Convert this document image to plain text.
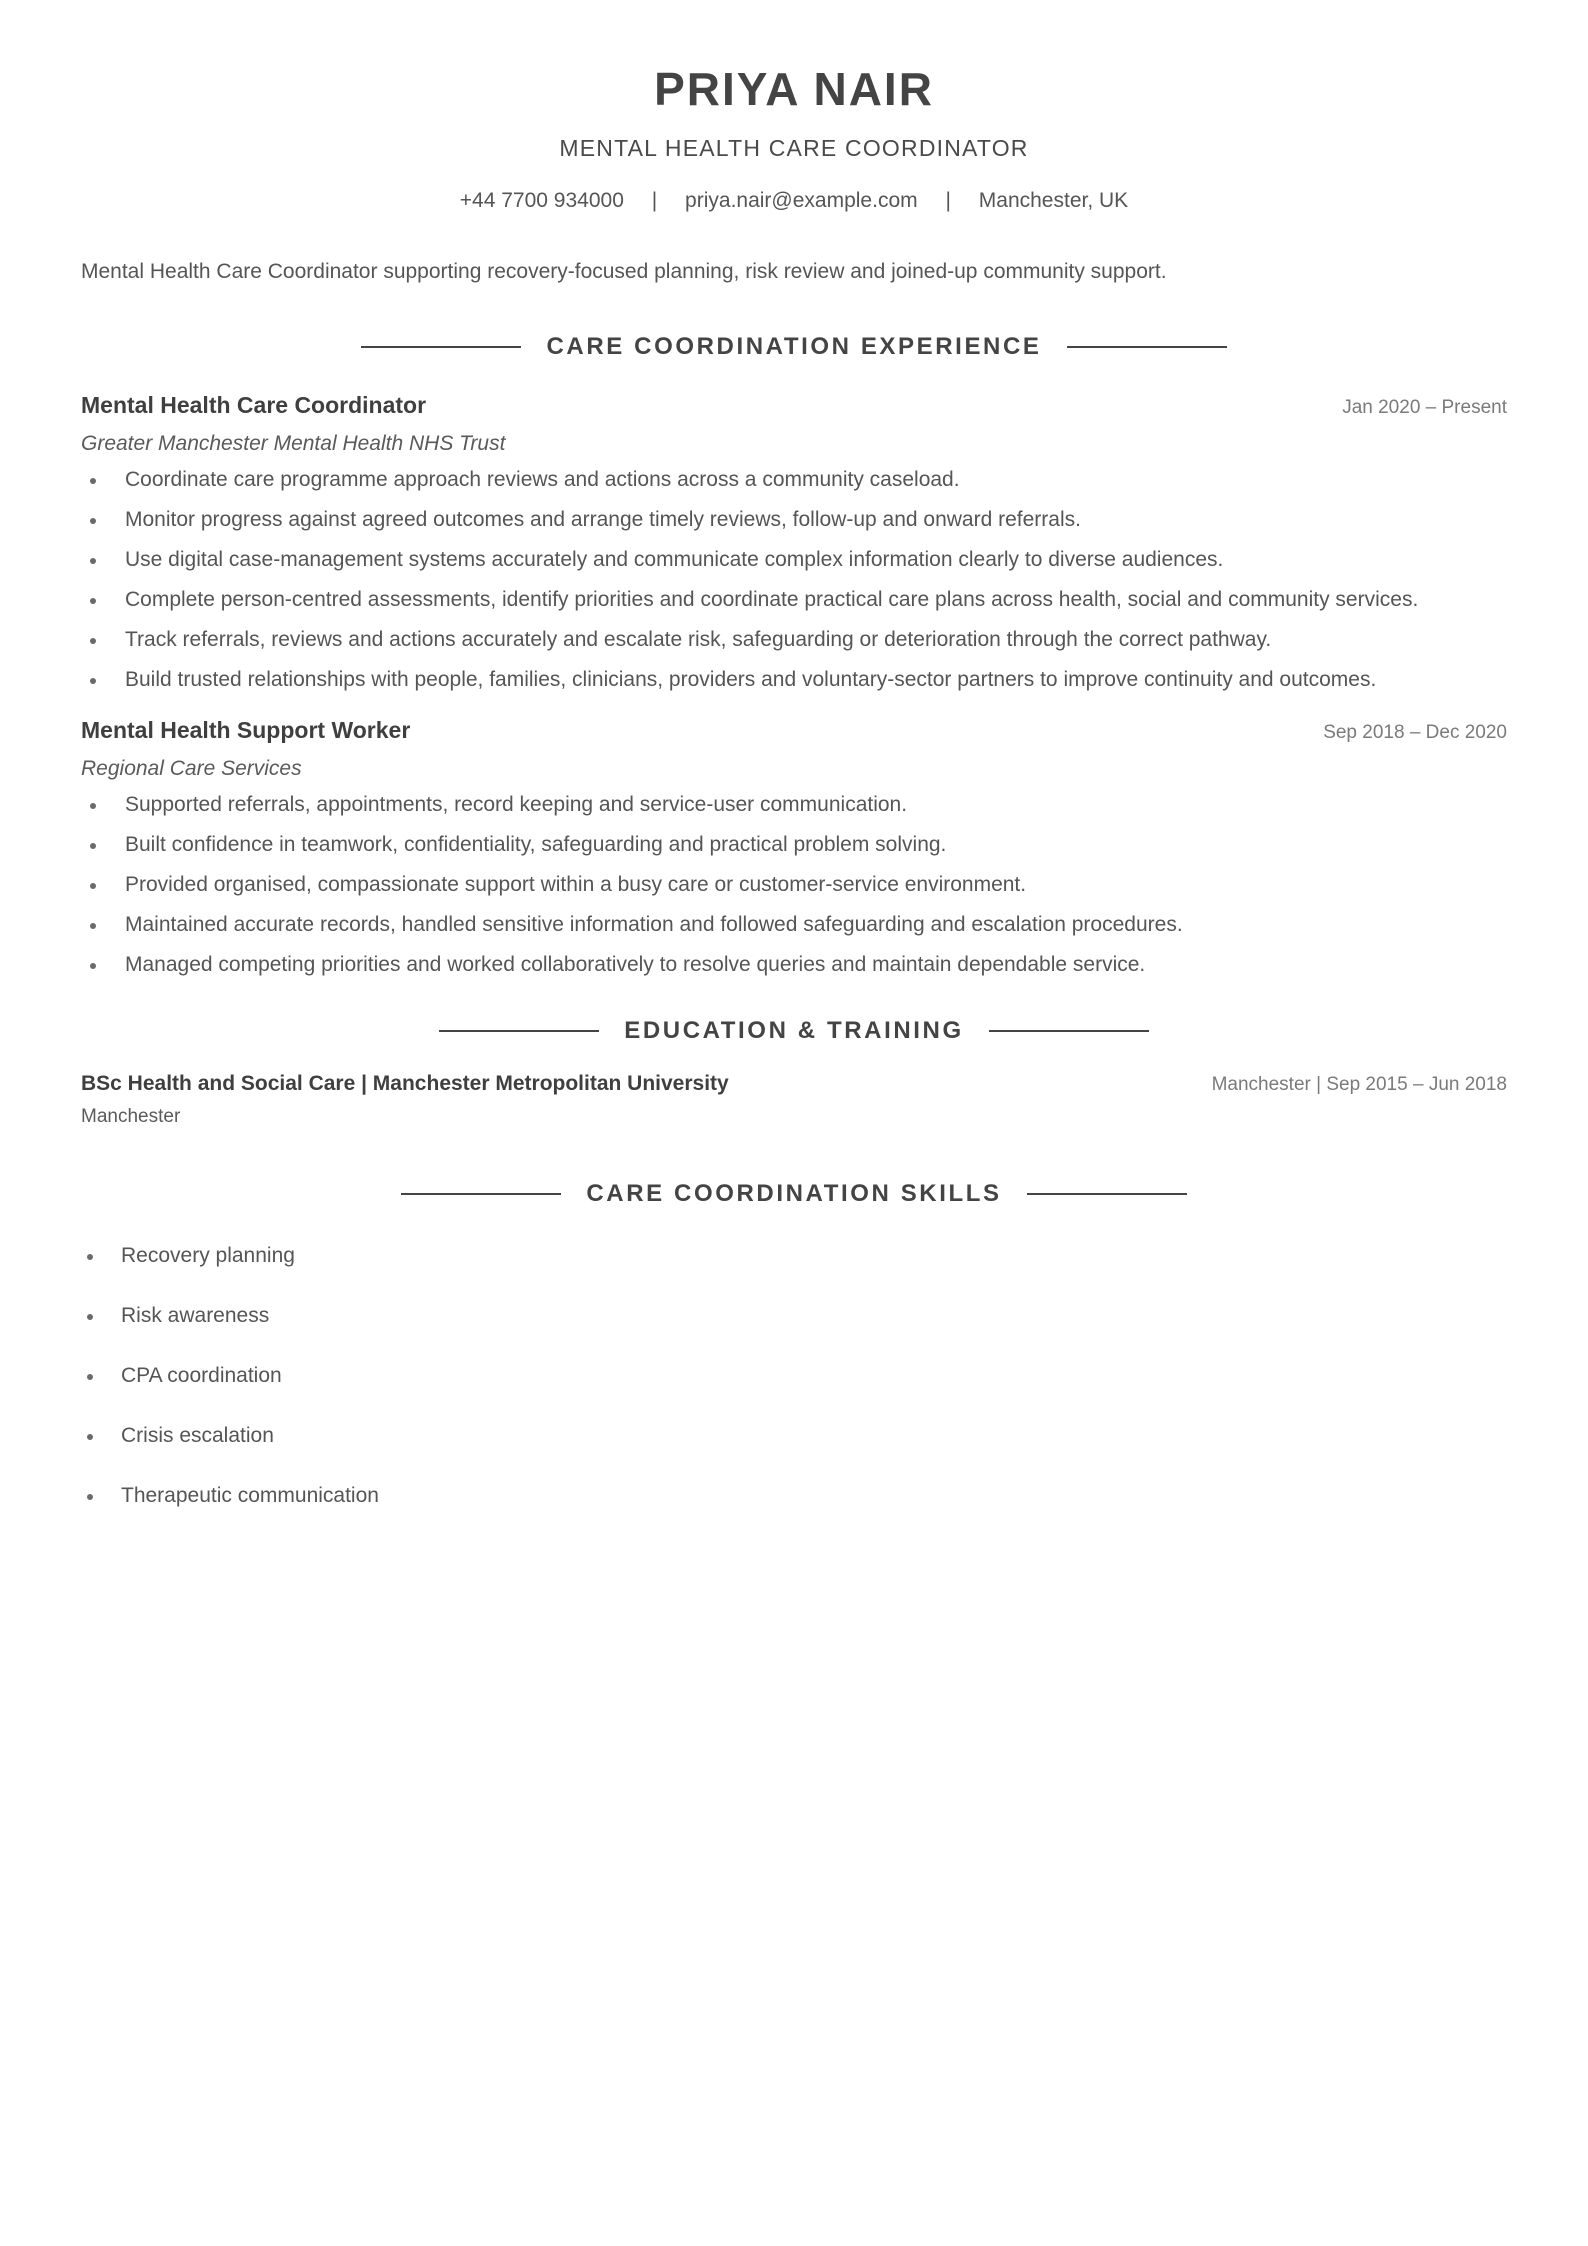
PRIYA NAIR
MENTAL HEALTH CARE COORDINATOR
+44 7700 934000 | priya.nair@example.com | Manchester, UK
Mental Health Care Coordinator supporting recovery-focused planning, risk review and joined-up community support.
CARE COORDINATION EXPERIENCE
Mental Health Care Coordinator	Jan 2020 – Present
Greater Manchester Mental Health NHS Trust
Coordinate care programme approach reviews and actions across a community caseload.
Monitor progress against agreed outcomes and arrange timely reviews, follow-up and onward referrals.
Use digital case-management systems accurately and communicate complex information clearly to diverse audiences.
Complete person-centred assessments, identify priorities and coordinate practical care plans across health, social and community services.
Track referrals, reviews and actions accurately and escalate risk, safeguarding or deterioration through the correct pathway.
Build trusted relationships with people, families, clinicians, providers and voluntary-sector partners to improve continuity and outcomes.
Mental Health Support Worker	Sep 2018 – Dec 2020
Regional Care Services
Supported referrals, appointments, record keeping and service-user communication.
Built confidence in teamwork, confidentiality, safeguarding and practical problem solving.
Provided organised, compassionate support within a busy care or customer-service environment.
Maintained accurate records, handled sensitive information and followed safeguarding and escalation procedures.
Managed competing priorities and worked collaboratively to resolve queries and maintain dependable service.
EDUCATION & TRAINING
BSc Health and Social Care | Manchester Metropolitan University	Manchester | Sep 2015 – Jun 2018
Manchester
CARE COORDINATION SKILLS
Recovery planning
Risk awareness
CPA coordination
Crisis escalation
Therapeutic communication
